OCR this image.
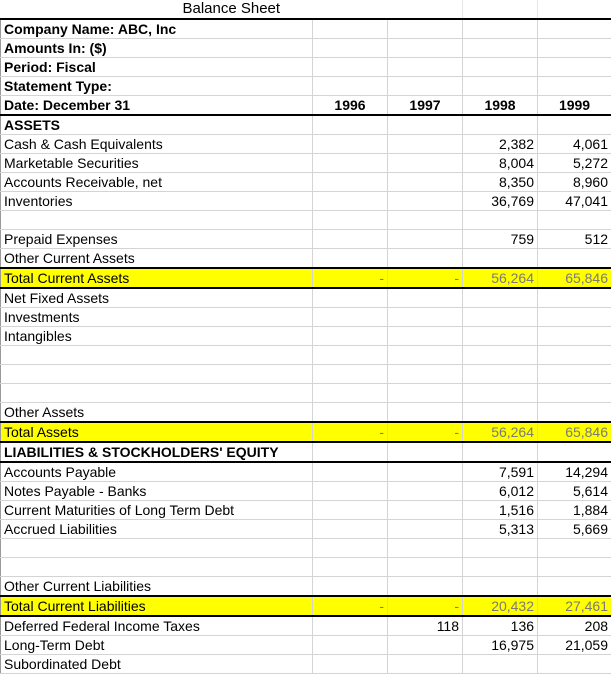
Balance Sheet				
Company Name: ABC, Inc				
Amounts In: ($)				
Period: Fiscal				
Statement Type:				
Date: December 31	1996	1997	1998	1999
ASSETS				
Cash & Cash Equivalents			2,382	4,061
Marketable Securities			8,004	5,272
Accounts Receivable, net			8,350	8,960
Inventories			36,769	47,041

Prepaid Expenses			759	512
Other Current Assets				
Total Current Assets	-	-	56,264	65,846
Net Fixed Assets				
Investments				
Intangibles				

Other Assets				
Total Assets	-	-	56,264	65,846
LIABILITIES & STOCKHOLDERS' EQUITY				
Accounts Payable			7,591	14,294
Notes Payable - Banks			6,012	5,614
Current Maturities of Long Term Debt			1,516	1,884
Accrued Liabilities			5,313	5,669

Other Current Liabilities				
Total Current Liabilities	-	-	20,432	27,461
Deferred Federal Income Taxes		118	136	208
Long-Term Debt			16,975	21,059
Subordinated Debt				
